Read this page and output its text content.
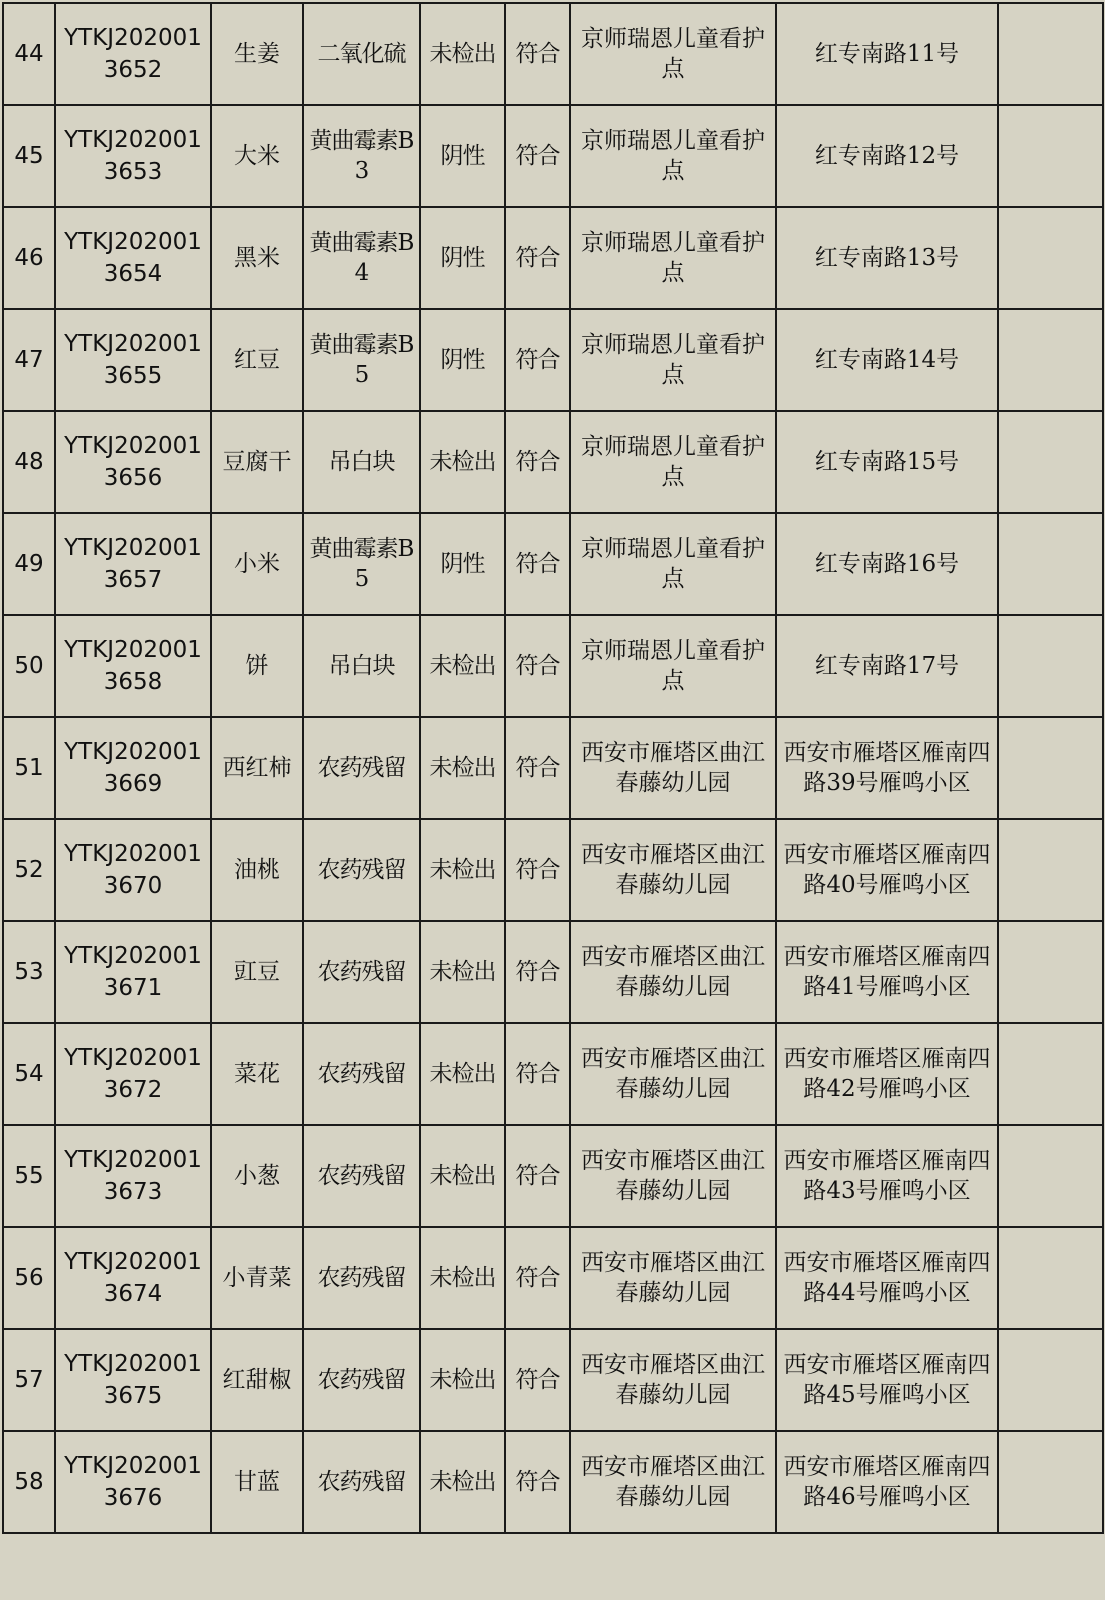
44	YTKJ2020013652	生姜	二氧化硫	未检出	符合	京师瑞恩儿童看护点	红专南路11号	
45	YTKJ2020013653	大米	黄曲霉素B3	阴性	符合	京师瑞恩儿童看护点	红专南路12号	
46	YTKJ2020013654	黑米	黄曲霉素B4	阴性	符合	京师瑞恩儿童看护点	红专南路13号	
47	YTKJ2020013655	红豆	黄曲霉素B5	阴性	符合	京师瑞恩儿童看护点	红专南路14号	
48	YTKJ2020013656	豆腐干	吊白块	未检出	符合	京师瑞恩儿童看护点	红专南路15号	
49	YTKJ2020013657	小米	黄曲霉素B5	阴性	符合	京师瑞恩儿童看护点	红专南路16号	
50	YTKJ2020013658	饼	吊白块	未检出	符合	京师瑞恩儿童看护点	红专南路17号	
51	YTKJ2020013669	西红柿	农药残留	未检出	符合	西安市雁塔区曲江春藤幼儿园	西安市雁塔区雁南四路39号雁鸣小区	
52	YTKJ2020013670	油桃	农药残留	未检出	符合	西安市雁塔区曲江春藤幼儿园	西安市雁塔区雁南四路40号雁鸣小区	
53	YTKJ2020013671	豇豆	农药残留	未检出	符合	西安市雁塔区曲江春藤幼儿园	西安市雁塔区雁南四路41号雁鸣小区	
54	YTKJ2020013672	菜花	农药残留	未检出	符合	西安市雁塔区曲江春藤幼儿园	西安市雁塔区雁南四路42号雁鸣小区	
55	YTKJ2020013673	小葱	农药残留	未检出	符合	西安市雁塔区曲江春藤幼儿园	西安市雁塔区雁南四路43号雁鸣小区	
56	YTKJ2020013674	小青菜	农药残留	未检出	符合	西安市雁塔区曲江春藤幼儿园	西安市雁塔区雁南四路44号雁鸣小区	
57	YTKJ2020013675	红甜椒	农药残留	未检出	符合	西安市雁塔区曲江春藤幼儿园	西安市雁塔区雁南四路45号雁鸣小区	
58	YTKJ2020013676	甘蓝	农药残留	未检出	符合	西安市雁塔区曲江春藤幼儿园	西安市雁塔区雁南四路46号雁鸣小区	
